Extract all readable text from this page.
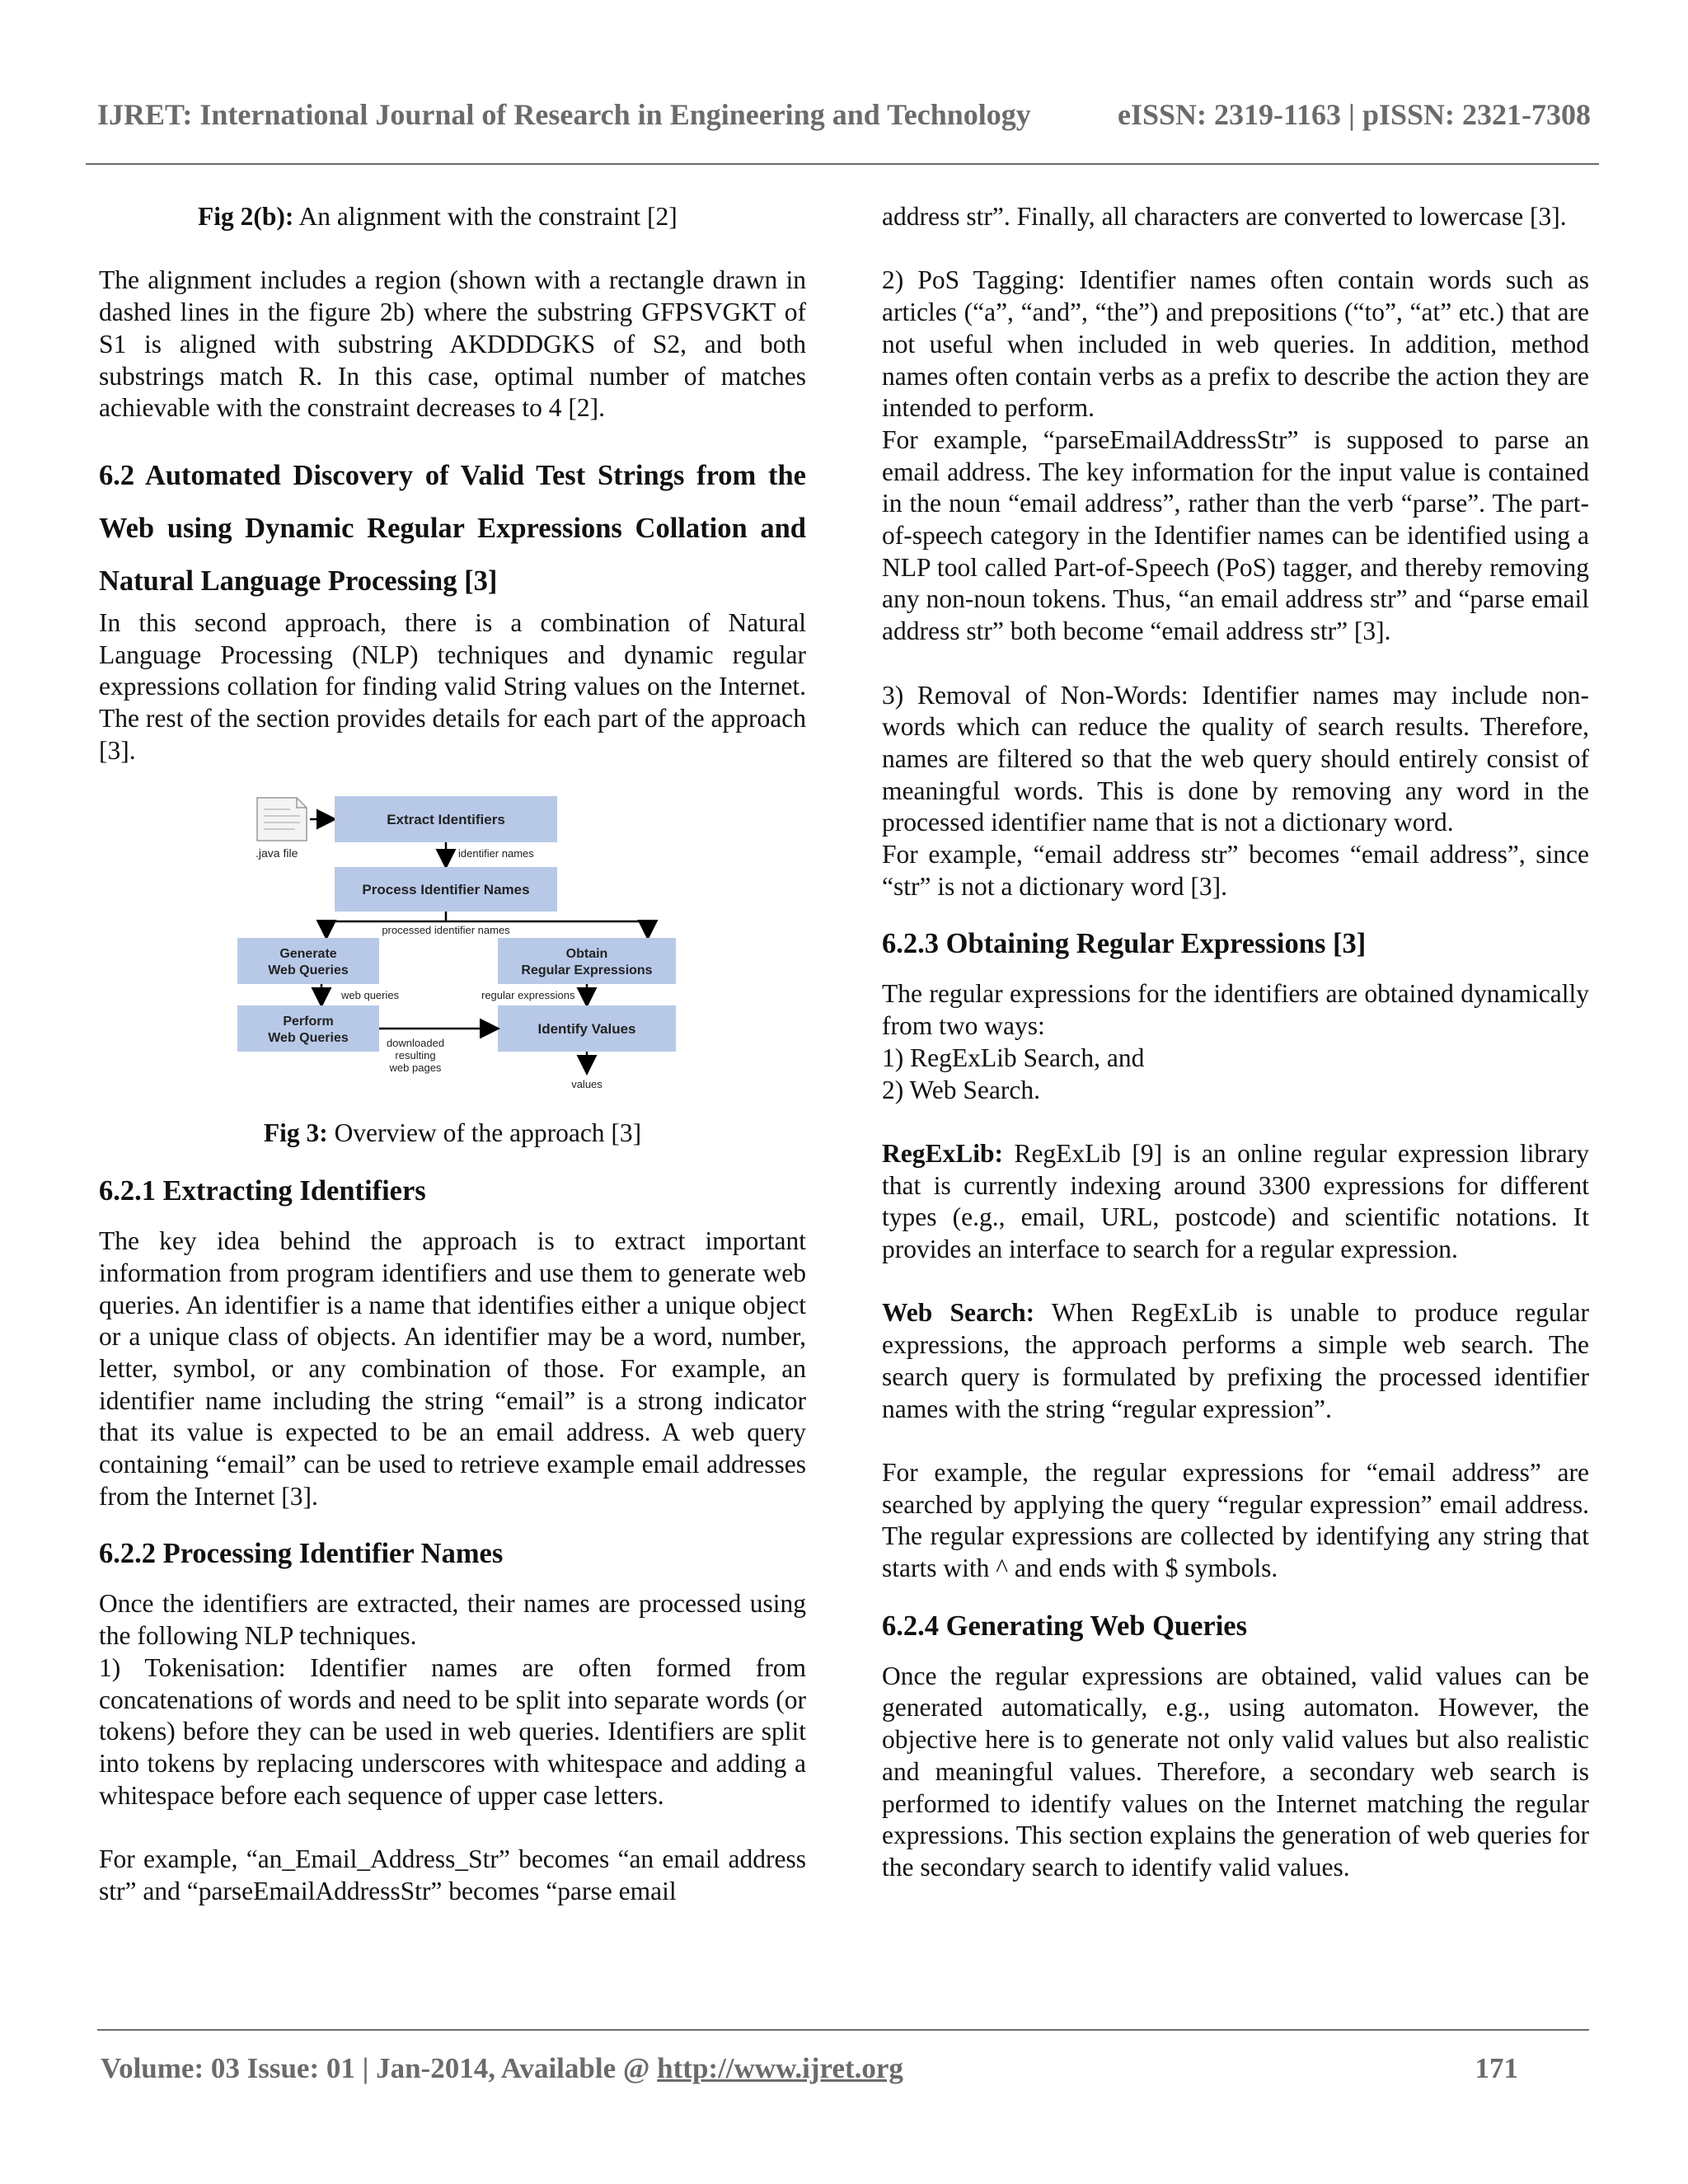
IJRET: International Journal of Research in Engineering and Technology	eISSN: 2319-1163 | pISSN: 2321-7308

Fig 2(b): An alignment with the constraint [2]

The alignment includes a region (shown with a rectangle drawn in dashed lines in the figure 2b) where the substring GFPSVGKT of S1 is aligned with substring AKDDDGKS of S2, and both substrings match R. In this case, optimal number of matches achievable with the constraint decreases to 4 [2].

6.2 Automated Discovery of Valid Test Strings from the Web using Dynamic Regular Expressions Collation and Natural Language Processing [3]

In this second approach, there is a combination of Natural Language Processing (NLP) techniques and dynamic regular expressions collation for finding valid String values on the Internet. The rest of the section provides details for each part of the approach [3].

.java file
Extract Identifiers
identifier names
Process Identifier Names
processed identifier names
Generate
Web Queries
Obtain
Regular Expressions
web queries	regular expressions
Perform
Web Queries
Identify Values
downloaded
resulting
web pages
values

Fig 3: Overview of the approach [3]

6.2.1 Extracting Identifiers

The key idea behind the approach is to extract important information from program identifiers and use them to generate web queries. An identifier is a name that identifies either a unique object or a unique class of objects. An identifier may be a word, number, letter, symbol, or any combination of those. For example, an identifier name including the string “email” is a strong indicator that its value is expected to be an email address. A web query containing “email” can be used to retrieve example email addresses from the Internet [3].

6.2.2 Processing Identifier Names

Once the identifiers are extracted, their names are processed using the following NLP techniques.

1) Tokenisation: Identifier names are often formed from concatenations of words and need to be split into separate words (or tokens) before they can be used in web queries. Identifiers are split into tokens by replacing underscores with whitespace and adding a whitespace before each sequence of upper case letters.

For example, “an_Email_Address_Str” becomes “an email address str” and “parseEmailAddressStr” becomes “parse email

address str”. Finally, all characters are converted to lowercase [3].

2) PoS Tagging: Identifier names often contain words such as articles (“a”, “and”, “the”) and prepositions (“to”, “at” etc.) that are not useful when included in web queries. In addition, method names often contain verbs as a prefix to describe the action they are intended to perform.

For example, “parseEmailAddressStr” is supposed to parse an email address. The key information for the input value is contained in the noun “email address”, rather than the verb “parse”. The part-of-speech category in the Identifier names can be identified using a NLP tool called Part-of-Speech (PoS) tagger, and thereby removing any non-noun tokens. Thus, “an email address str” and “parse email address str” both become “email address str” [3].

3) Removal of Non-Words: Identifier names may include non-words which can reduce the quality of search results. Therefore, names are filtered so that the web query should entirely consist of meaningful words. This is done by removing any word in the processed identifier name that is not a dictionary word.

For example, “email address str” becomes “email address”, since “str” is not a dictionary word [3].

6.2.3 Obtaining Regular Expressions [3]

The regular expressions for the identifiers are obtained dynamically from two ways:

1) RegExLib Search, and

2) Web Search.

RegExLib: RegExLib [9] is an online regular expression library that is currently indexing around 3300 expressions for different types (e.g., email, URL, postcode) and scientific notations. It provides an interface to search for a regular expression.

Web Search: When RegExLib is unable to produce regular expressions, the approach performs a simple web search. The search query is formulated by prefixing the processed identifier names with the string “regular expression”.

For example, the regular expressions for “email address” are searched by applying the query “regular expression” email address. The regular expressions are collected by identifying any string that starts with ^ and ends with $ symbols.

6.2.4 Generating Web Queries

Once the regular expressions are obtained, valid values can be generated automatically, e.g., using automaton. However, the objective here is to generate not only valid values but also realistic and meaningful values. Therefore, a secondary web search is performed to identify values on the Internet matching the regular expressions. This section explains the generation of web queries for the secondary search to identify valid values.

Volume: 03 Issue: 01 | Jan-2014, Available @ http://www.ijret.org	171
